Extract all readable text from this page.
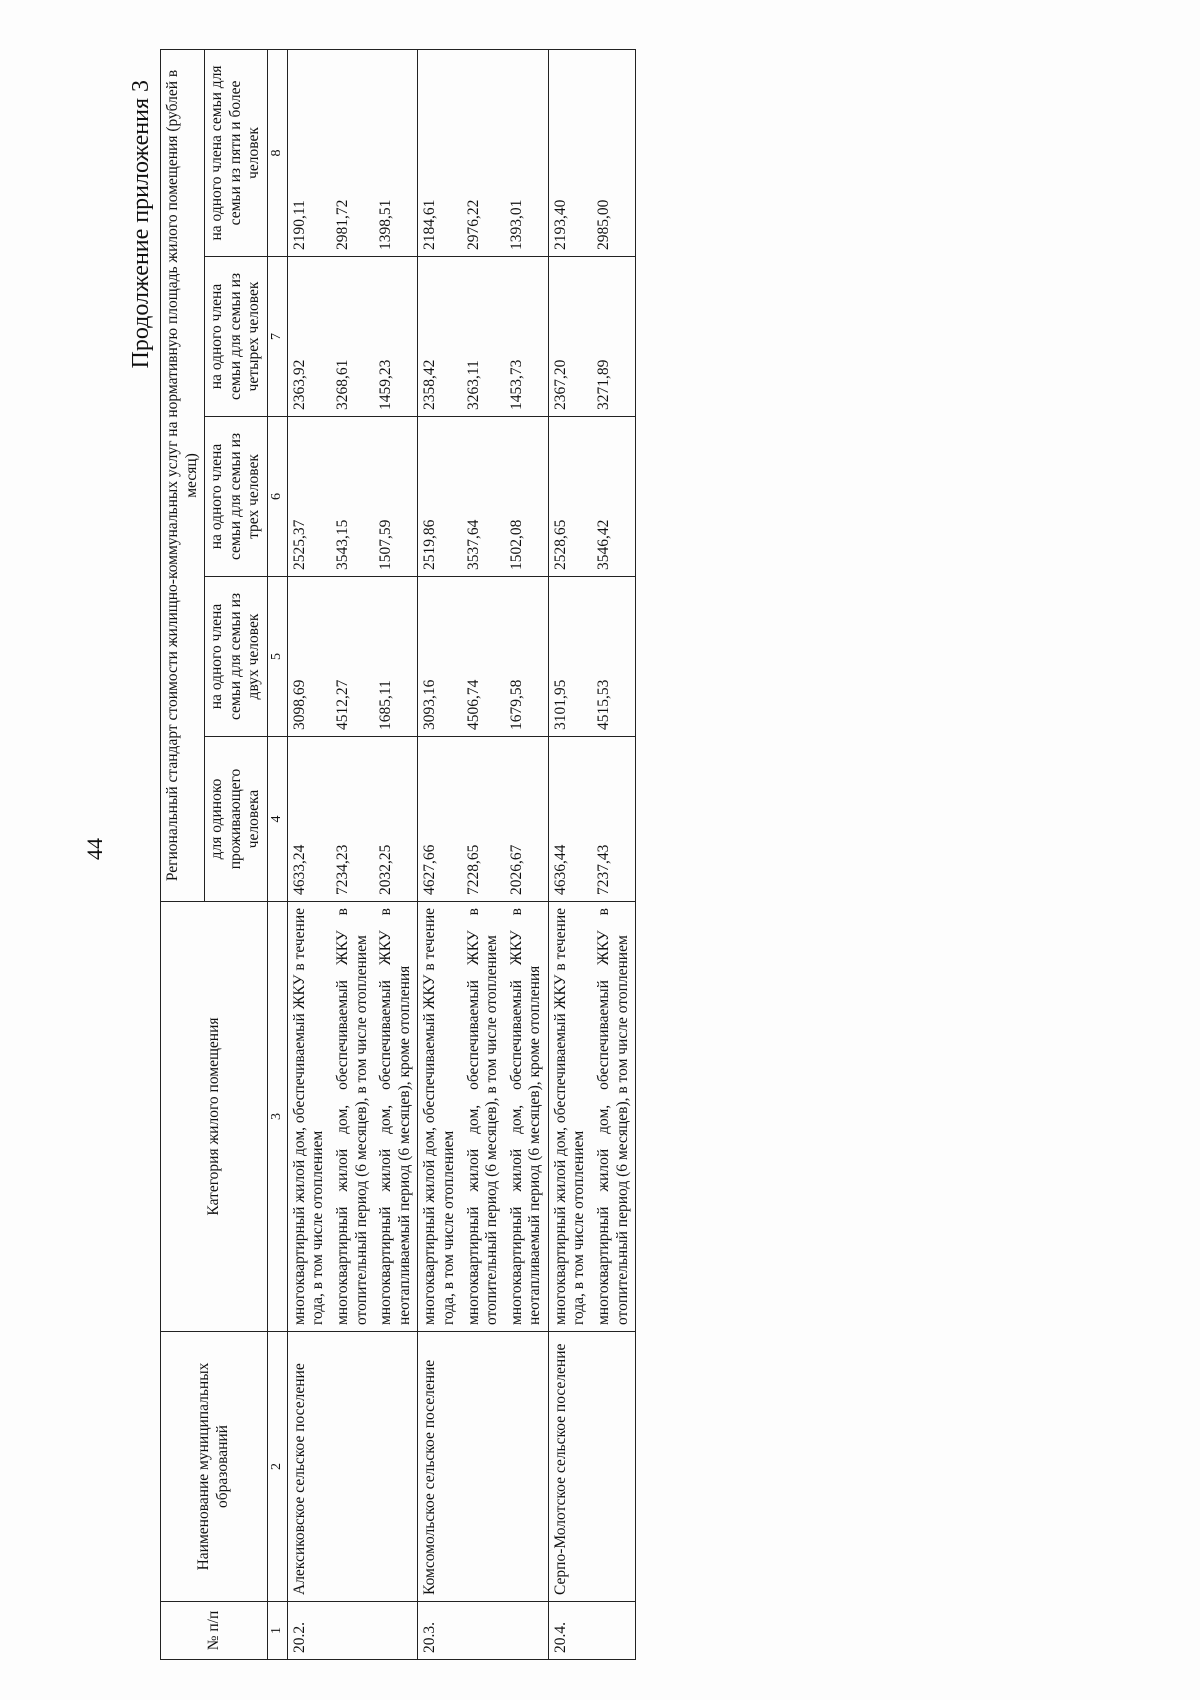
44
Продолжение приложения 3
№ п/п	Наименование муниципальных образований	Категория жилого помещения	Региональный стандарт стоимости жилищно-коммунальных услуг на нормативную площадь жилого помещения (рублей в месяц)				
			для одиноко проживающего человека	на одного члена семьи для семьи из двух человек	на одного члена семьи для семьи из трех человек	на одного члена семьи для семьи из четырех человек	на одного члена семьи для семьи из пяти и более человек
1	2	3	4	5	6	7	8
20.2.	Алексиковское сельское поселение	многоквартирный жилой дом, обеспечиваемый ЖКУ в течение года, в том числе отоплением	4633,24	3098,69	2525,37	2363,92	2190,11
		многоквартирный жилой дом, обеспечиваемый ЖКУ в отопительный период (6 месяцев), в том числе отоплением	7234,23	4512,27	3543,15	3268,61	2981,72
		многоквартирный жилой дом, обеспечиваемый ЖКУ в неотапливаемый период (6 месяцев), кроме отопления	2032,25	1685,11	1507,59	1459,23	1398,51
20.3.	Комсомольское сельское поселение	многоквартирный жилой дом, обеспечиваемый ЖКУ в течение года, в том числе отоплением	4627,66	3093,16	2519,86	2358,42	2184,61
		многоквартирный жилой дом, обеспечиваемый ЖКУ в отопительный период (6 месяцев), в том числе отоплением	7228,65	4506,74	3537,64	3263,11	2976,22
		многоквартирный жилой дом, обеспечиваемый ЖКУ в неотапливаемый период (6 месяцев), кроме отопления	2026,67	1679,58	1502,08	1453,73	1393,01
20.4.	Серпо-Молотское сельское поселение	многоквартирный жилой дом, обеспечиваемый ЖКУ в течение года, в том числе отоплением	4636,44	3101,95	2528,65	2367,20	2193,40
		многоквартирный жилой дом, обеспечиваемый ЖКУ в отопительный период (6 месяцев), в том числе отоплением	7237,43	4515,53	3546,42	3271,89	2985,00
